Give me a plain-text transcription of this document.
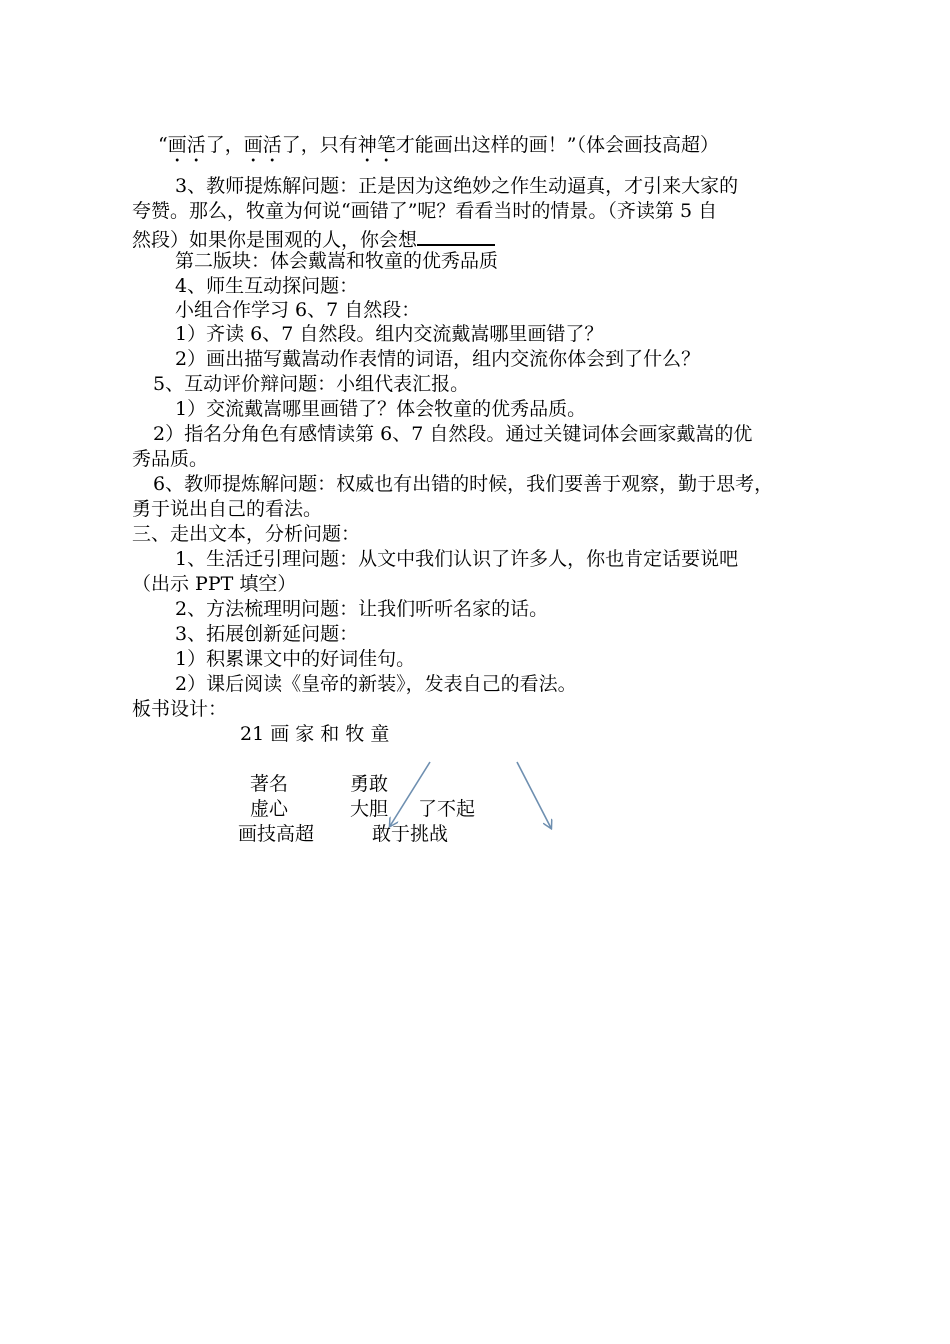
“画活了，画活了，只有神笔才能画出这样的画！”（体会画技高超）
3、教师提炼解问题：正是因为这绝妙之作生动逼真，才引来大家的
夸赞。那么，牧童为何说“画错了”呢？看看当时的情景。（齐读第 5 自
然段）如果你是围观的人，你会想
第二版块：体会戴嵩和牧童的优秀品质
4、师生互动探问题：
小组合作学习 6、7 自然段：
1）齐读 6、7 自然段。组内交流戴嵩哪里画错了？
2）画出描写戴嵩动作表情的词语，组内交流你体会到了什么？
5、互动评价辩问题：小组代表汇报。
1）交流戴嵩哪里画错了？体会牧童的优秀品质。
2）指名分角色有感情读第 6、7 自然段。通过关键词体会画家戴嵩的优
秀品质。
6、教师提炼解问题：权威也有出错的时候，我们要善于观察，勤于思考，
勇于说出自己的看法。
三、走出文本，分析问题：
1、生活迁引理问题：从文中我们认识了许多人，你也肯定话要说吧
（出示 PPT 填空）
2、方法梳理明问题：让我们听听名家的话。
3、拓展创新延问题：
1）积累课文中的好词佳句。
2）课后阅读《皇帝的新装》，发表自己的看法。
板书设计：
21 画 家 和 牧 童
著名
虚心
画技高超
勇敢
大胆
敢于挑战
了不起
